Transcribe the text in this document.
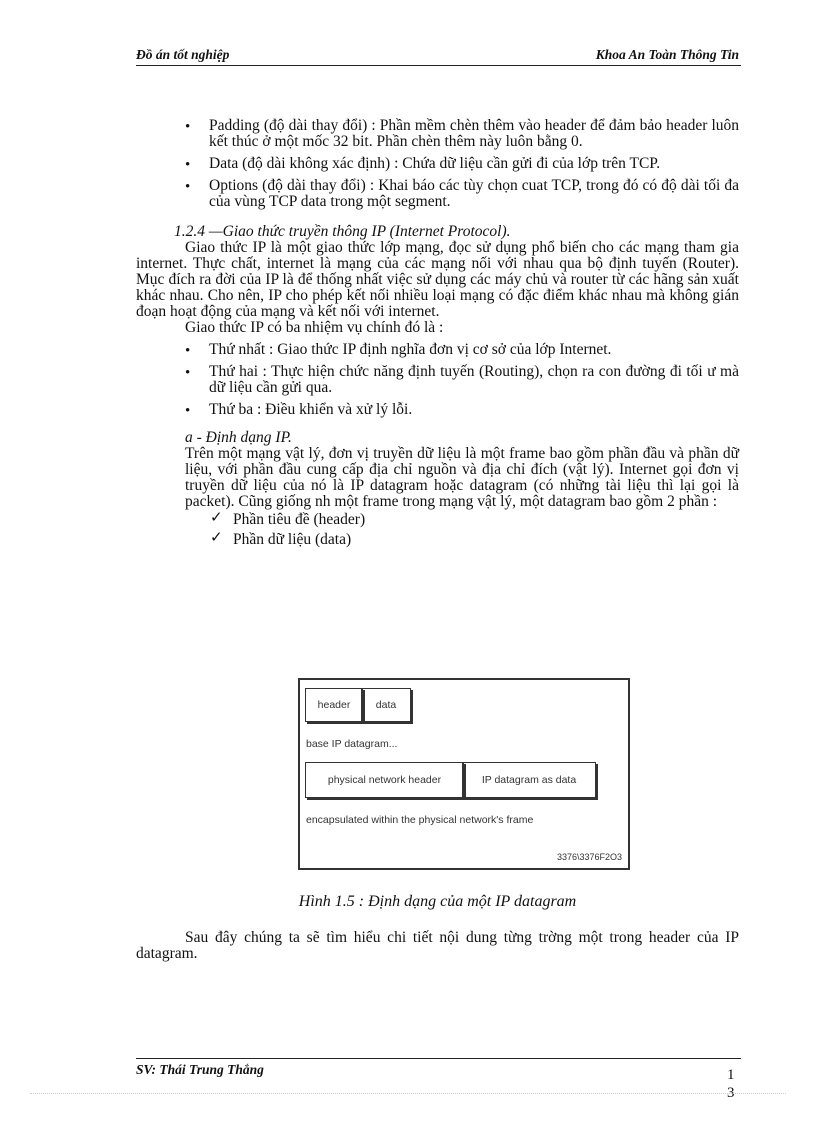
Đồ án tốt nghiệp	Khoa An Toàn Thông Tin
• Padding (độ dài thay đổi) : Phần mềm chèn thêm vào header để đảm bảo header luôn kết thúc ở một mốc 32 bit. Phần chèn thêm này luôn bằng 0.
• Data (độ dài không xác định) : Chứa dữ liệu cần gửi đi của lớp trên TCP.
• Options (độ dài thay đổi) : Khai báo các tùy chọn cuat TCP, trong đó có độ dài tối đa của vùng TCP data trong một segment.
1.2.4 —Giao thức truyền thông IP (Internet Protocol).
Giao thức IP là một giao thức lớp mạng, đọc sử dụng phổ biến cho các mạng tham gia internet. Thực chất, internet là mạng của các mạng nối với nhau qua bộ định tuyến (Router). Mục đích ra đời của IP là để thống nhất việc sử dụng các máy chủ và router từ các hãng sản xuất khác nhau. Cho nên, IP cho phép kết nối nhiều loại mạng có đặc điểm khác nhau mà không gián đoạn hoạt động của mạng và kết nối với internet.
Giao thức IP có ba nhiệm vụ chính đó là :
• Thứ nhất : Giao thức IP định nghĩa đơn vị cơ sở của lớp Internet.
• Thứ hai : Thực hiện chức năng định tuyến (Routing), chọn ra con đường đi tối ư mà dữ liệu cần gửi qua.
• Thứ ba : Điều khiển và xử lý lỗi.
a - Định dạng IP.
Trên một mạng vật lý, đơn vị truyền dữ liệu là một frame bao gồm phần đầu và phần dữ liệu, với phần đầu cung cấp địa chỉ nguồn và địa chỉ đích (vật lý). Internet gọi đơn vị truyền dữ liệu của nó là IP datagram hoặc datagram (có những tài liệu thì lại gọi là packet). Cũng giống nh một frame trong mạng vật lý, một datagram bao gồm 2 phần :
✓ Phần tiêu đề (header)
✓ Phần dữ liệu (data)
header	data
base IP datagram...
physical network header	IP datagram as data
encapsulated within the physical network's frame
3376\3376F2O3
Hình 1.5 : Định dạng của một IP datagram
Sau đây chúng ta sẽ tìm hiểu chi tiết nội dung từng trờng một trong header của IP datagram.
SV: Thái Trung Thắng	1
3
